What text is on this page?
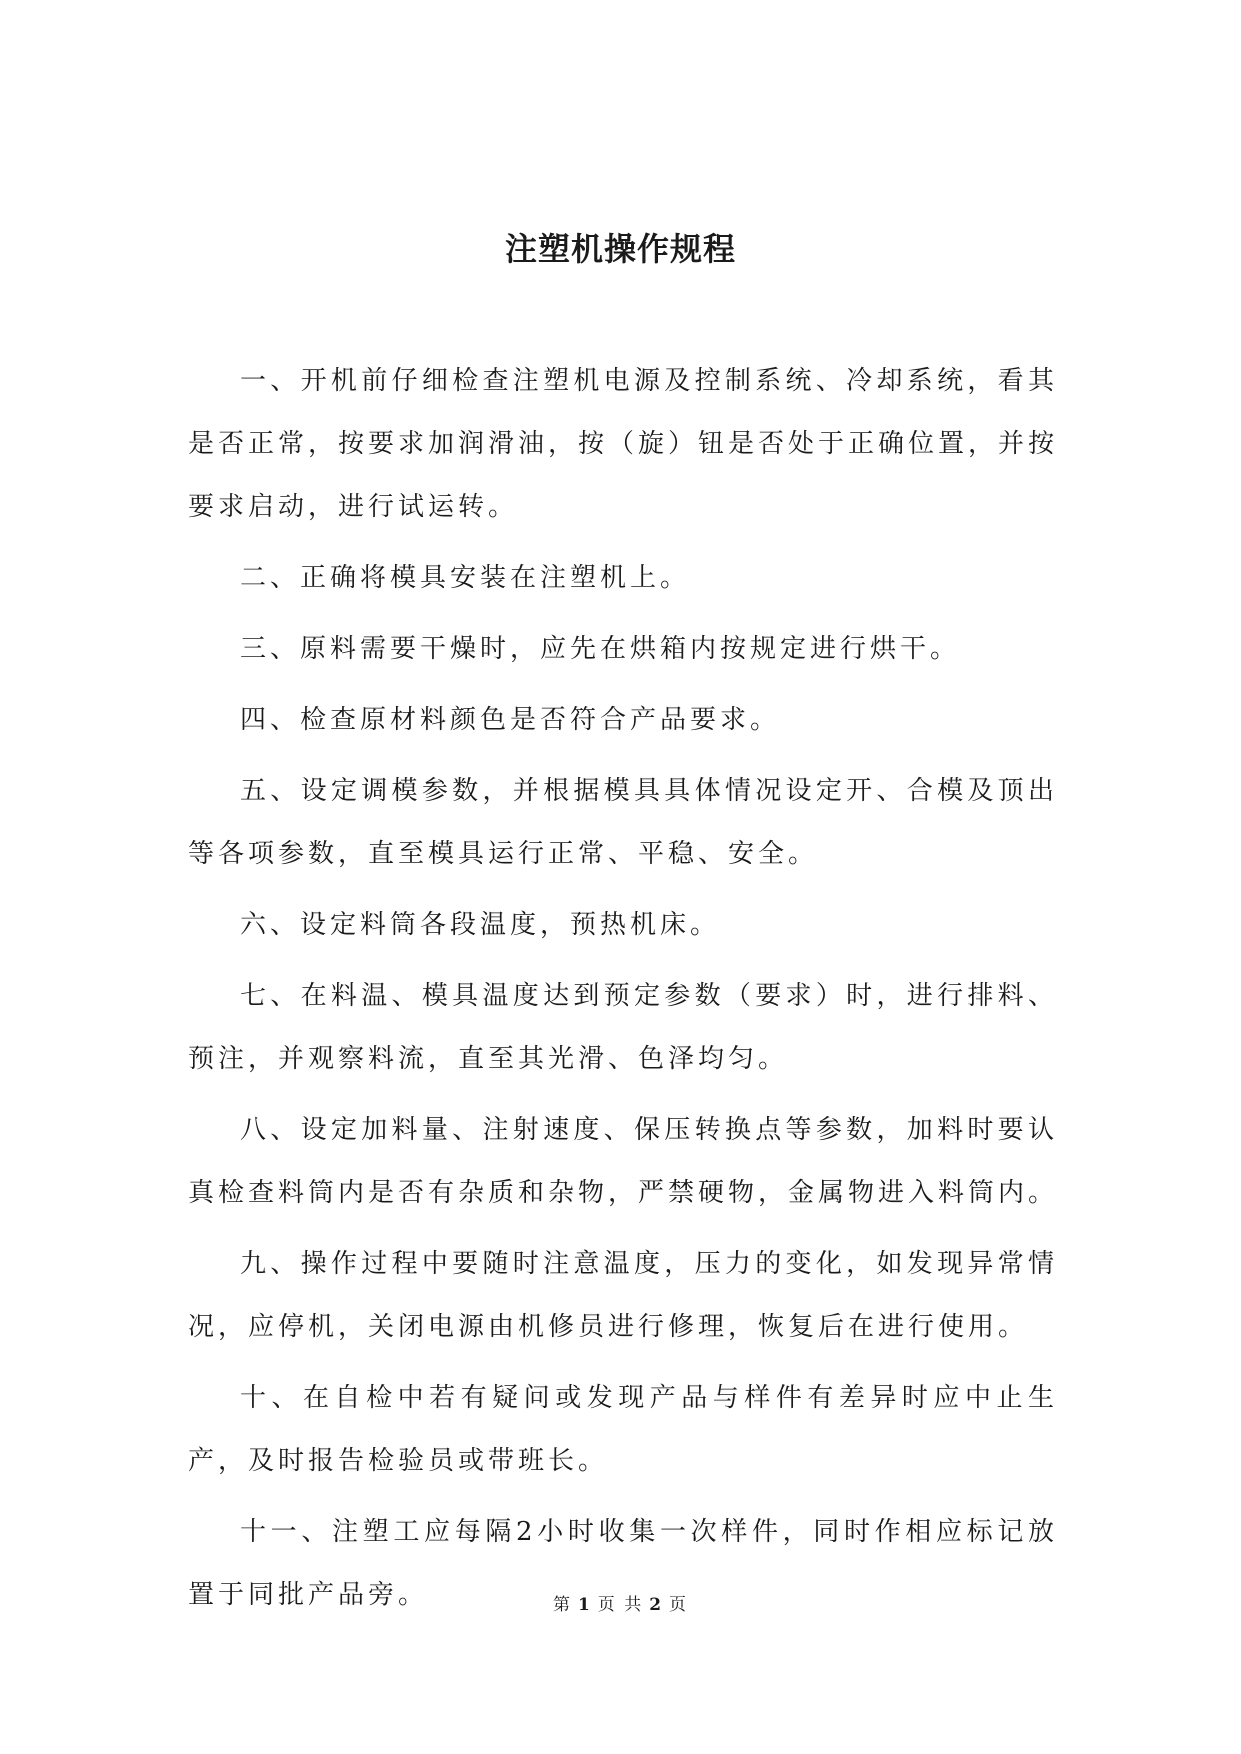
注塑机操作规程

一、开机前仔细检查注塑机电源及控制系统、冷却系统，看其是否正常，按要求加润滑油，按（旋）钮是否处于正确位置，并按要求启动，进行试运转。

二、正确将模具安装在注塑机上。

三、原料需要干燥时，应先在烘箱内按规定进行烘干。

四、检查原材料颜色是否符合产品要求。

五、设定调模参数，并根据模具具体情况设定开、合模及顶出等各项参数，直至模具运行正常、平稳、安全。

六、设定料筒各段温度，预热机床。

七、在料温、模具温度达到预定参数（要求）时，进行排料、预注，并观察料流，直至其光滑、色泽均匀。

八、设定加料量、注射速度、保压转换点等参数，加料时要认真检查料筒内是否有杂质和杂物，严禁硬物，金属物进入料筒内。

九、操作过程中要随时注意温度，压力的变化，如发现异常情况，应停机，关闭电源由机修员进行修理，恢复后在进行使用。

十、在自检中若有疑问或发现产品与样件有差异时应中止生产，及时报告检验员或带班长。

十一、注塑工应每隔2小时收集一次样件，同时作相应标记放置于同批产品旁。	第 1 页 共 2 页
